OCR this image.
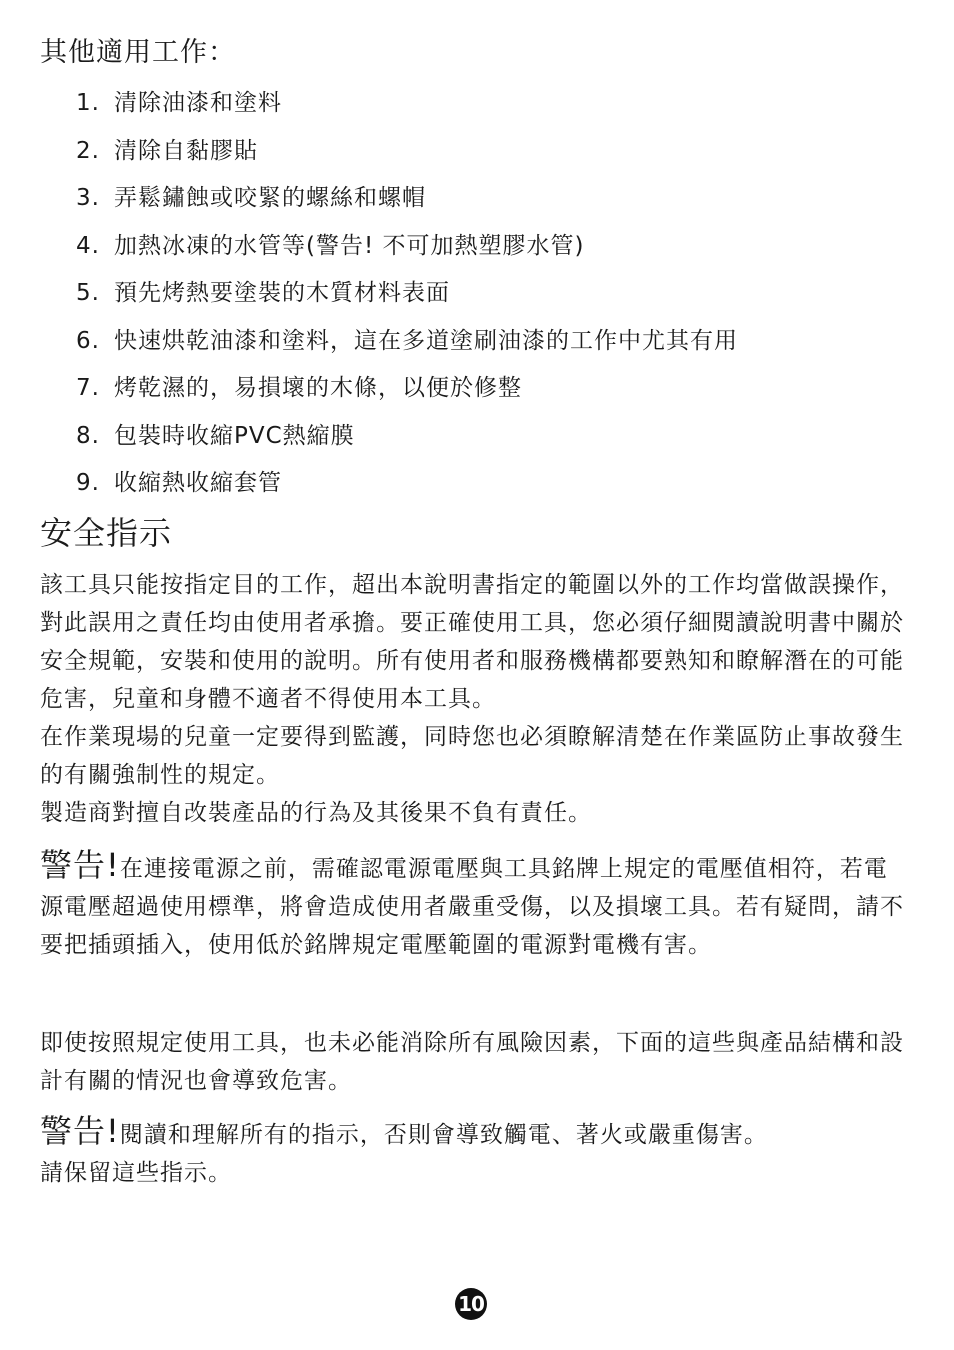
其他適用工作：
1. 清除油漆和塗料
2. 清除自黏膠貼
3. 弄鬆鏽蝕或咬緊的螺絲和螺帽
4. 加熱冰凍的水管等(警告! 不可加熱塑膠水管)
5. 預先烤熱要塗裝的木質材料表面
6. 快速烘乾油漆和塗料，這在多道塗刷油漆的工作中尤其有用
7. 烤乾濕的，易損壞的木條，以便於修整
8. 包裝時收縮PVC熱縮膜
9. 收縮熱收縮套管
安全指示

該工具只能按指定目的工作，超出本說明書指定的範圍以外的工作均當做誤操作，對此誤用之責任均由使用者承擔。要正確使用工具，您必須仔細閱讀說明書中關於安全規範，安裝和使用的說明。所有使用者和服務機構都要熟知和瞭解潛在的可能危害，兒童和身體不適者不得使用本工具。

在作業現場的兒童一定要得到監護，同時您也必須瞭解清楚在作業區防止事故發生的有關強制性的規定。

製造商對擅自改裝產品的行為及其後果不負有責任。

警告!在連接電源之前，需確認電源電壓與工具銘牌上規定的電壓值相符，若電源電壓超過使用標準，將會造成使用者嚴重受傷，以及損壞工具。若有疑問，請不要把插頭插入，使用低於銘牌規定電壓範圍的電源對電機有害。

即使按照規定使用工具，也未必能消除所有風險因素，下面的這些與產品結構和設計有關的情況也會導致危害。

警告!閱讀和理解所有的指示，否則會導致觸電、著火或嚴重傷害。
請保留這些指示。
10
